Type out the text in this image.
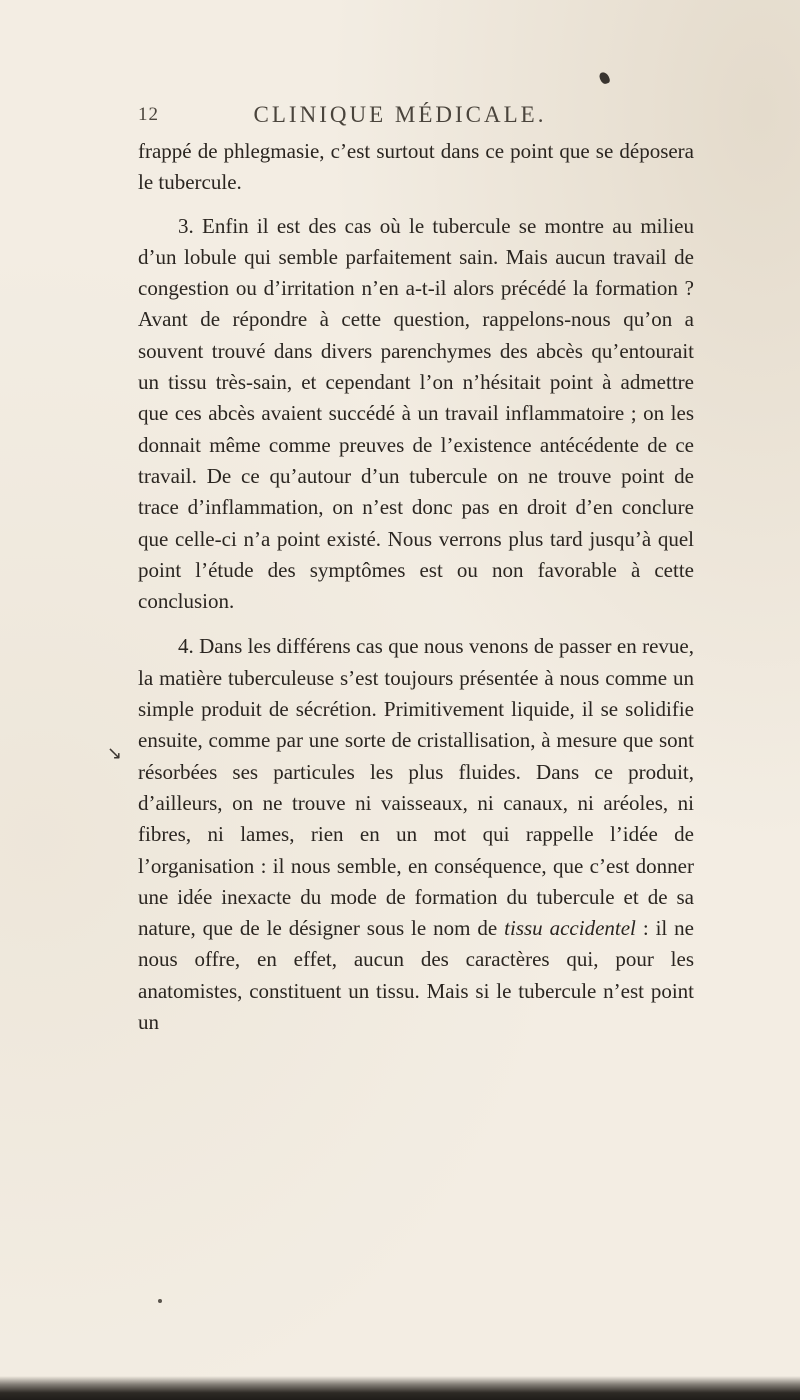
12	CLINIQUE MÉDICALE.
↘

frappé de phlegmasie, c’est surtout dans ce point que se déposera le tubercule.

3. Enfin il est des cas où le tubercule se montre au milieu d’un lobule qui semble parfaitement sain. Mais aucun travail de congestion ou d’irritation n’en a-t-il alors précédé la formation ? Avant de répondre à cette question, rappelons-nous qu’on a souvent trouvé dans divers parenchymes des abcès qu’entourait un tissu très-sain, et cependant l’on n’hésitait point à admettre que ces abcès avaient succédé à un travail inflammatoire ; on les donnait même comme preuves de l’existence antécédente de ce travail. De ce qu’autour d’un tubercule on ne trouve point de trace d’inflammation, on n’est donc pas en droit d’en conclure que celle-ci n’a point existé. Nous verrons plus tard jusqu’à quel point l’étude des symptômes est ou non favorable à cette conclusion.

4. Dans les différens cas que nous venons de passer en revue, la matière tuberculeuse s’est toujours présentée à nous comme un simple produit de sécrétion. Primitivement liquide, il se solidifie ensuite, comme par une sorte de cristallisation, à mesure que sont résorbées ses particules les plus fluides. Dans ce produit, d’ailleurs, on ne trouve ni vaisseaux, ni canaux, ni aréoles, ni fibres, ni lames, rien en un mot qui rappelle l’idée de l’organisation : il nous semble, en conséquence, que c’est donner une idée inexacte du mode de formation du tubercule et de sa nature, que de le désigner sous le nom de tissu accidentel : il ne nous offre, en effet, aucun des caractères qui, pour les anatomistes, constituent un tissu. Mais si le tubercule n’est point un
